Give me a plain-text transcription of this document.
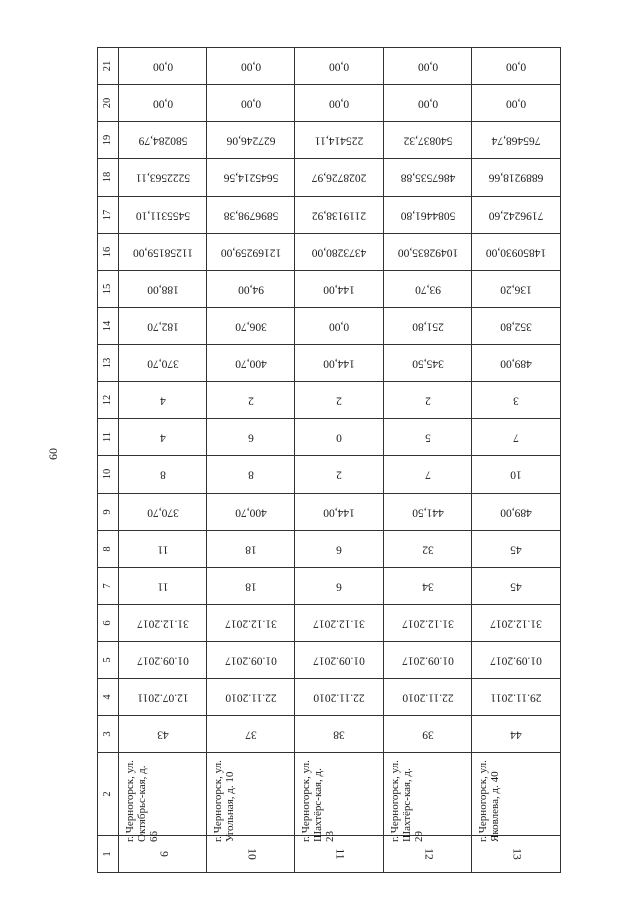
60
21	0,00	0,00	0,00	0,00	0,00

20	0,00	0,00	0,00	0,00	0,00

19	580284,79	627246,06	225414,11	540837,32	765468,74

18	5222563,11	5645214,56	2028726,97	4867535,88	6889218,66

17	5455311,10	5896798,38	2119138,92	5084461,80	7196242,60

16	11258159,00	12169259,00	4373280,00	10492835,00	14850930,00

15	188,00	94,00	144,00	93,70	136,20

14	182,70	306,70	0,00	251,80	352,80

13	370,70	400,70	144,00	345,50	489,00

12	4	2	2	2	3

11	4	6	0	5	7

10	8	8	2	7	10

9	370,70	400,70	144,00	441,50	489,00

8	11	18	6	32	45

7	11	18	6	34	45

6	31.12.2017	31.12.2017	31.12.2017	31.12.2017	31.12.2017

5	01.09.2017	01.09.2017	01.09.2017	01.09.2017	01.09.2017

4	12.07.2011	22.11.2010	22.11.2010	22.11.2010	29.11.2011

3	43	37	38	39	44

2	г. Черногорск, ул. Октябрьс-кая, д. 66	г. Черногорск, ул. Угольная, д. 10	г. Черногорск, ул. Шахтёрс-кая, д. 23	г. Черногорск, ул. Шахтёрс-кая, д. 29	г. Черногорск, ул. Яковлева, д. 40

1	9	10	11	12	13
